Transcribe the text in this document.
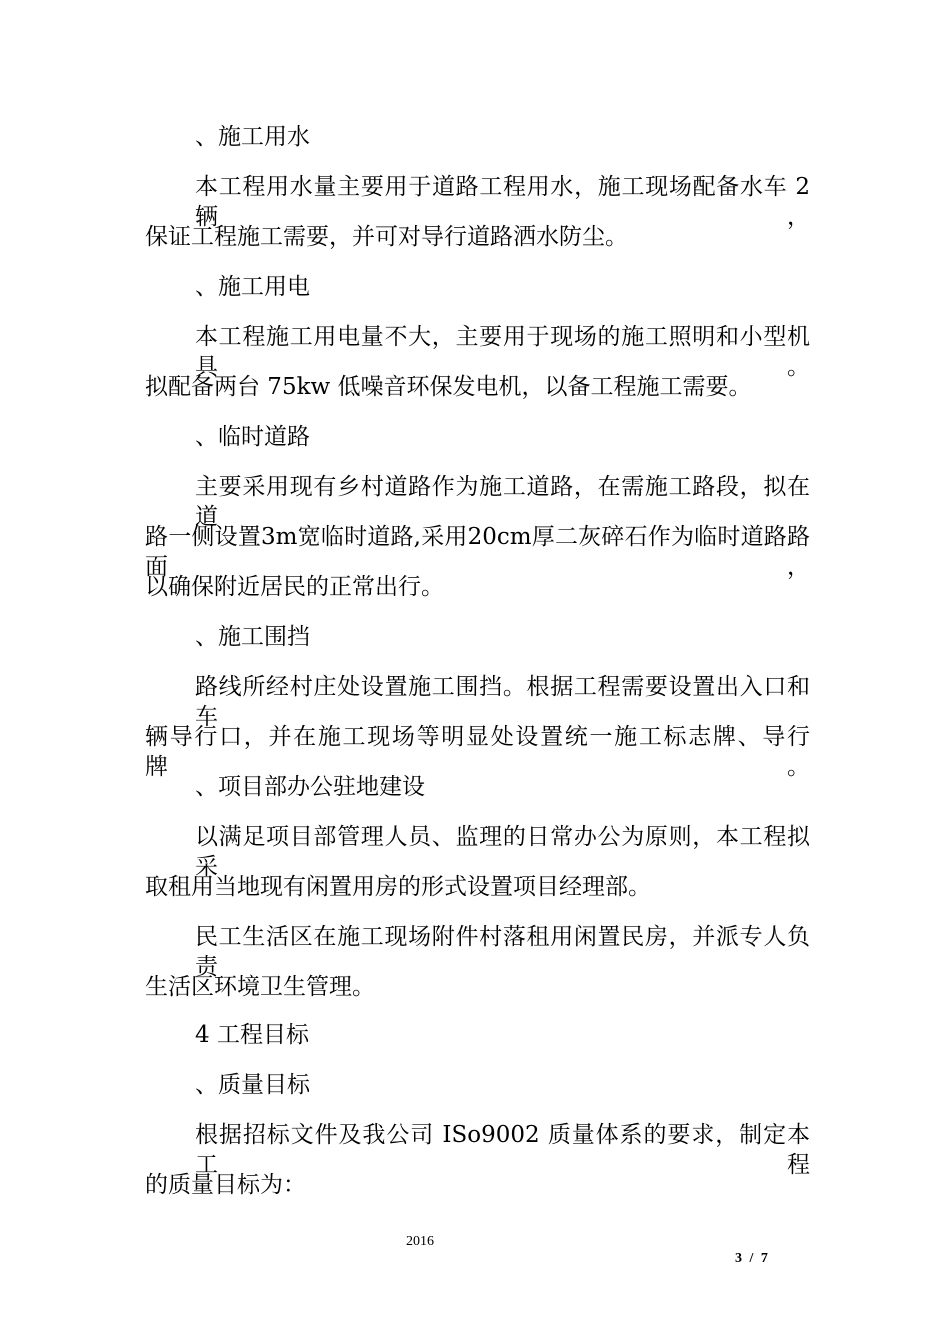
、施工用水
本工程用水量主要用于道路工程用水，施工现场配备水车 2 辆，
保证工程施工需要，并可对导行道路洒水防尘。
、施工用电
本工程施工用电量不大，主要用于现场的施工照明和小型机具。
拟配备两台 75kw 低噪音环保发电机，以备工程施工需要。
、临时道路
主要采用现有乡村道路作为施工道路，在需施工路段，拟在道
路一侧设置3m宽临时道路,采用20cm厚二灰碎石作为临时道路路面，
以确保附近居民的正常出行。
、施工围挡
路线所经村庄处设置施工围挡。根据工程需要设置出入口和车
辆导行口，并在施工现场等明显处设置统一施工标志牌、导行牌。
、项目部办公驻地建设
以满足项目部管理人员、监理的日常办公为原则，本工程拟采
取租用当地现有闲置用房的形式设置项目经理部。
民工生活区在施工现场附件村落租用闲置民房，并派专人负责
生活区环境卫生管理。
4 工程目标
、质量目标
根据招标文件及我公司 ISo9002 质量体系的要求，制定本工程
的质量目标为：
2016
3 / 7
